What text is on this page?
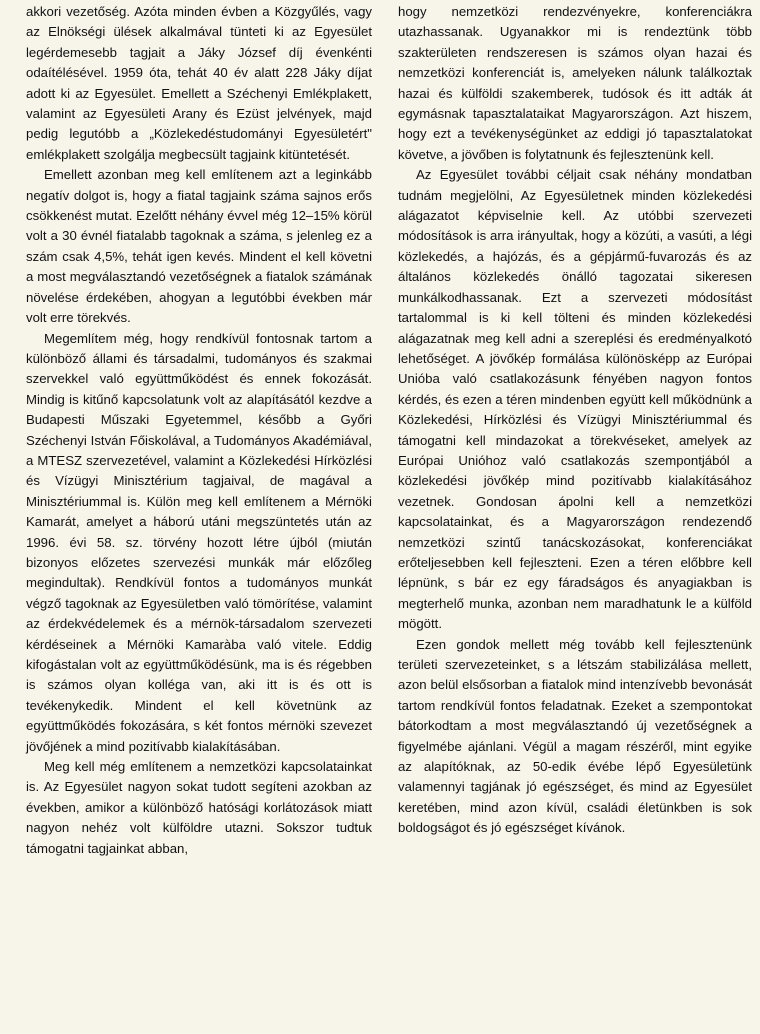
akkori vezetőség. Azóta minden évben a Közgyűlés, vagy az Elnökségi ülések alkalmával tünteti ki az Egyesület legérdemesebb tagjait a Jáky József díj évenkénti odaítélésével. 1959 óta, tehát 40 év alatt 228 Jáky díjat adott ki az Egyesület. Emellett a Széchenyi Emlékplakett, valamint az Egyesületi Arany és Ezüst jelvények, majd pedig legutóbb a „Közlekedéstudományi Egyesületért" emlékplakett szolgálja megbecsült tagjaink kitüntetését.

Emellett azonban meg kell említenem azt a leginkább negatív dolgot is, hogy a fiatal tagjaink száma sajnos erős csökkenést mutat. Ezelőtt néhány évvel még 12–15% körül volt a 30 évnél fiatalabb tagoknak a száma, s jelenleg ez a szám csak 4,5%, tehát igen kevés. Mindent el kell követni a most megválasztandó vezetőségnek a fiatalok számának növelése érdekében, ahogyan a legutóbbi években már volt erre törekvés.

Megemlítem még, hogy rendkívül fontosnak tartom a különböző állami és társadalmi, tudományos és szakmai szervekkel való együttműködést és ennek fokozását. Mindig is kitűnő kapcsolatunk volt az alapításától kezdve a Budapesti Műszaki Egyetemmel, később a Győri Széchenyi István Főiskolával, a Tudományos Akadémiával, a MTESZ szervezetével, valamint a Közlekedési Hírközlési és Vízügyi Minisztérium tagjaival, de magával a Minisztériummal is. Külön meg kell említenem a Mérnöki Kamarát, amelyet a háború utáni megszüntetés után az 1996. évi 58. sz. törvény hozott létre újból (miután bizonyos előzetes szervezési munkák már előzőleg megindultak). Rendkívül fontos a tudományos munkát végző tagoknak az Egyesületben való tömörítése, valamint az érdekvédelemek és a mérnök-társadalom szervezeti kérdéseinek a Mérnöki Kamaràba való vitele. Eddig kifogástalan volt az együttműködésünk, ma is és régebben is számos olyan kolléga van, aki itt is és ott is tevékenykedik. Mindent el kell követnünk az együttműködés fokozására, s két fontos mérnöki szevezet jövőjének a mind pozitívabb kialakításában.

Meg kell még említenem a nemzetközi kapcsolatainkat is. Az Egyesület nagyon sokat tudott segíteni azokban az években, amikor a különböző hatósági korlátozások miatt nagyon nehéz volt külföldre utazni. Sokszor tudtuk támogatni tagjainkat abban,

hogy nemzetközi rendezvényekre, konferenciákra utazhassanak. Ugyanakkor mi is rendeztünk több szakterületen rendszeresen is számos olyan hazai és nemzetközi konferenciát is, amelyeken nálunk találkoztak hazai és külföldi szakemberek, tudósok és itt adták át egymásnak tapasztalataikat Magyarországon. Azt hiszem, hogy ezt a tevékenységünket az eddigi jó tapasztalatokat követve, a jövőben is folytatnunk és fejlesztenünk kell.

Az Egyesület további céljait csak néhány mondatban tudnám megjelölni, Az Egyesületnek minden közlekedési alágazatot képviselnie kell. Az utóbbi szervezeti módosítások is arra irányultak, hogy a közúti, a vasúti, a légi közlekedés, a hajózás, és a gépjármű-fuvarozás és az általános közlekedés önálló tagozatai sikeresen munkálkodhassanak. Ezt a szervezeti módosítást tartalommal is ki kell tölteni és minden közlekedési alágazatnak meg kell adni a szereplési és eredményalkotó lehetőséget. A jövőkép formálása különösképp az Európai Unióba való csatlakozásunk fényében nagyon fontos kérdés, és ezen a téren mindenben együtt kell működnünk a Közlekedési, Hírközlési és Vízügyi Minisztériummal és támogatni kell mindazokat a törekvéseket, amelyek az Európai Unióhoz való csatlakozás szempontjából a közlekedési jövőkép mind pozitívabb kialakításához vezetnek. Gondosan ápolni kell a nemzetközi kapcsolatainkat, és a Magyarországon rendezendő nemzetközi szintű tanácskozásokat, konferenciákat erőteljesebben kell fejleszteni. Ezen a téren előbbre kell lépnünk, s bár ez egy fáradságos és anyagiakban is megterhelő munka, azonban nem maradhatunk le a külföld mögött.

Ezen gondok mellett még tovább kell fejlesztenünk területi szervezeteinket, s a létszám stabilizálása mellett, azon belül elsősorban a fiatalok mind intenzívebb bevonását tartom rendkívül fontos feladatnak. Ezeket a szempontokat bátorkodtam a most megválasztandó új vezetőségnek a figyelmébe ajánlani. Végül a magam részéről, mint egyike az alapítóknak, az 50-edik évébe lépő Egyesületünk valamennyi tagjának jó egészséget, és mind az Egyesület keretében, mind azon kívül, családi életünkben is sok boldogságot és jó egészséget kívánok.
